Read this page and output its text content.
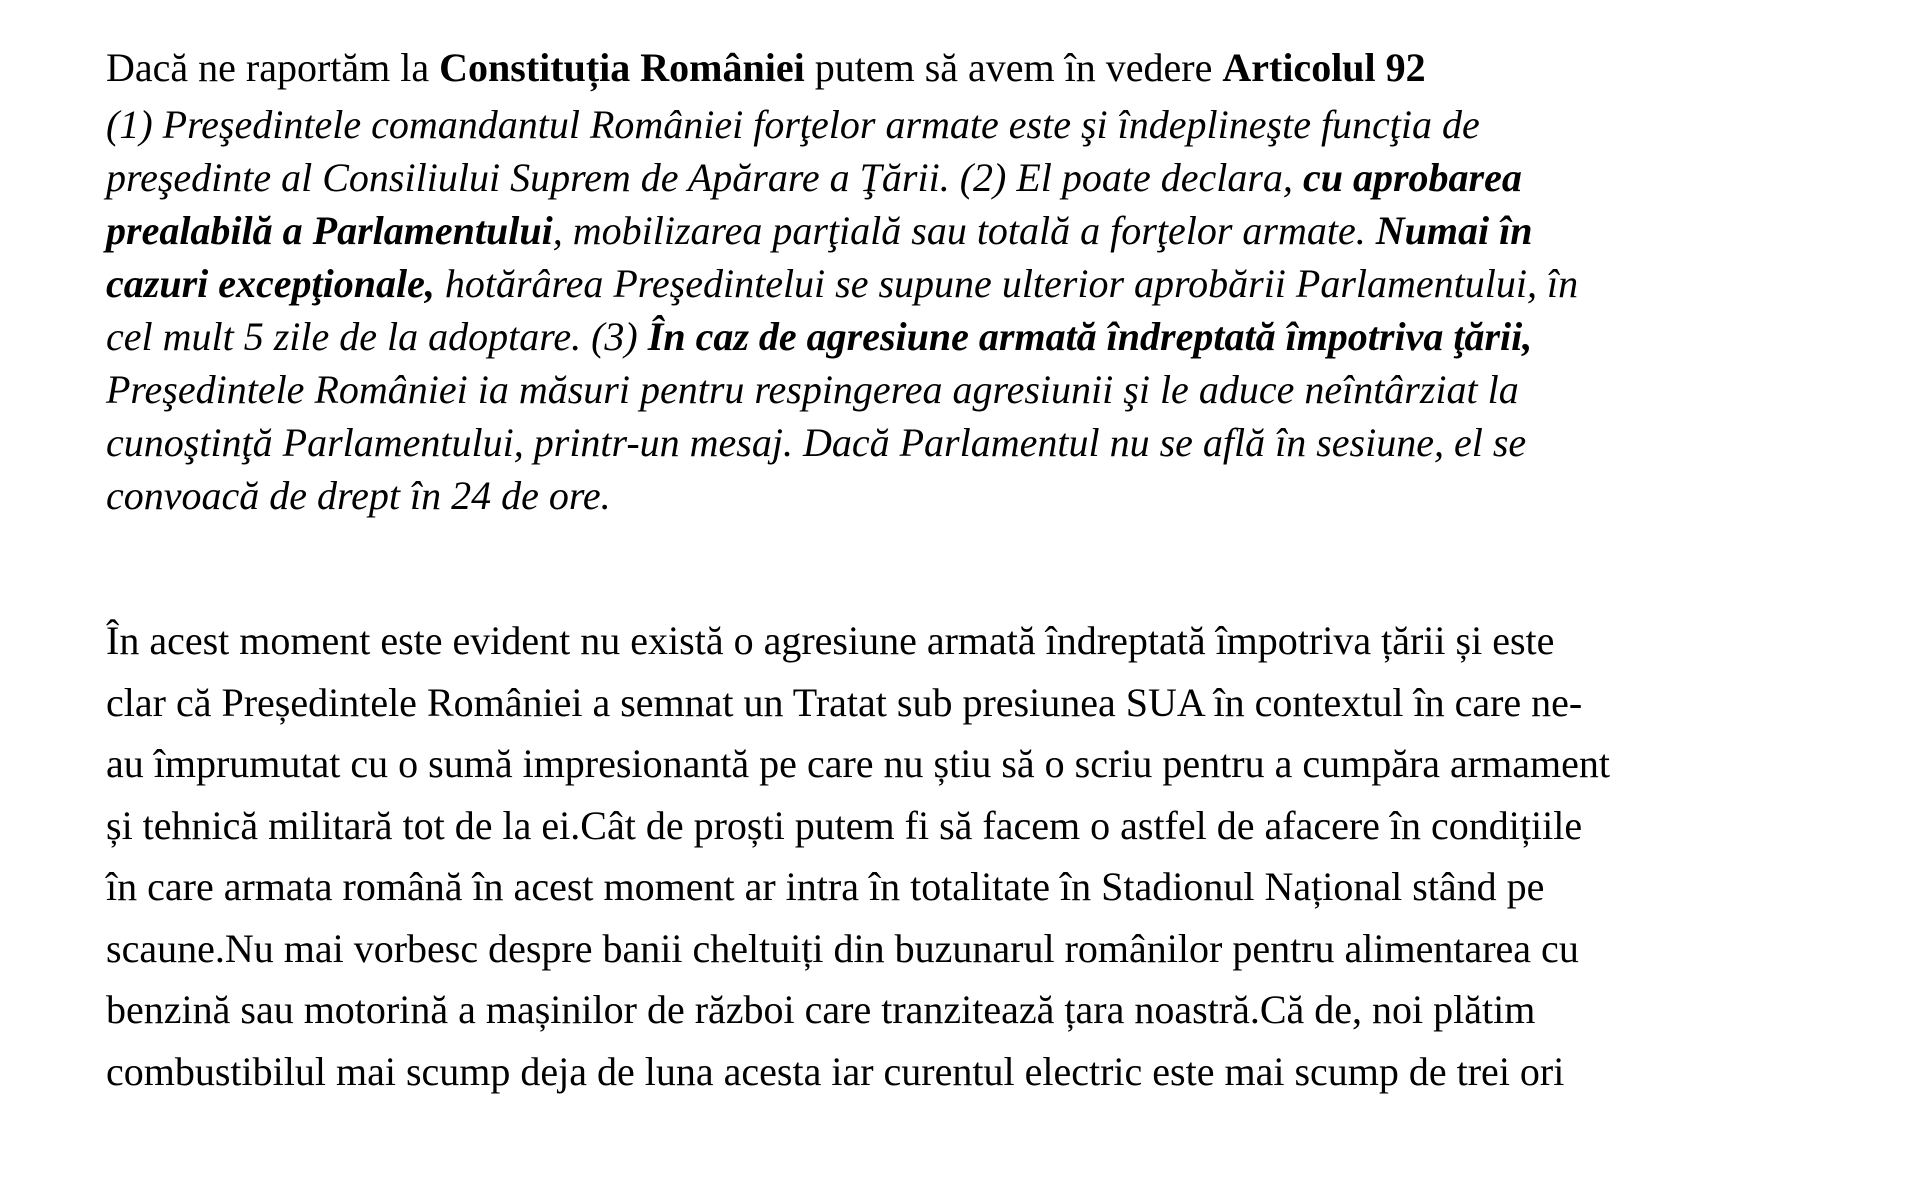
Dacă ne raportăm la Constituția României putem să avem în vedere Articolul 92

(1) Preşedintele comandantul României forţelor armate este şi îndeplineşte funcţia de
preşedinte al Consiliului Suprem de Apărare a Ţării. (2) El poate declara, cu aprobarea
prealabilă a Parlamentului, mobilizarea parţială sau totală a forţelor armate. Numai în
cazuri excepţionale, hotărârea Preşedintelui se supune ulterior aprobării Parlamentului, în
cel mult 5 zile de la adoptare. (3) În caz de agresiune armată îndreptată împotriva ţării,
Preşedintele României ia măsuri pentru respingerea agresiunii şi le aduce neîntârziat la
cunoştinţă Parlamentului, printr-un mesaj. Dacă Parlamentul nu se află în sesiune, el se
convoacă de drept în 24 de ore.

În acest moment este evident nu există o agresiune armată îndreptată împotriva țării și este
clar că Președintele României a semnat un Tratat sub presiunea SUA în contextul în care ne-
au împrumutat cu o sumă impresionantă pe care nu știu să o scriu pentru a cumpăra armament
și tehnică militară tot de la ei.Cât de proști putem fi să facem o astfel de afacere în condițiile
în care armata română în acest moment ar intra în totalitate în Stadionul Național stând pe
scaune.Nu mai vorbesc despre banii cheltuiți din buzunarul românilor pentru alimentarea cu
benzină sau motorină a mașinilor de război care tranzitează țara noastră.Că de, noi plătim
combustibilul mai scump deja de luna acesta iar curentul electric este mai scump de trei ori
